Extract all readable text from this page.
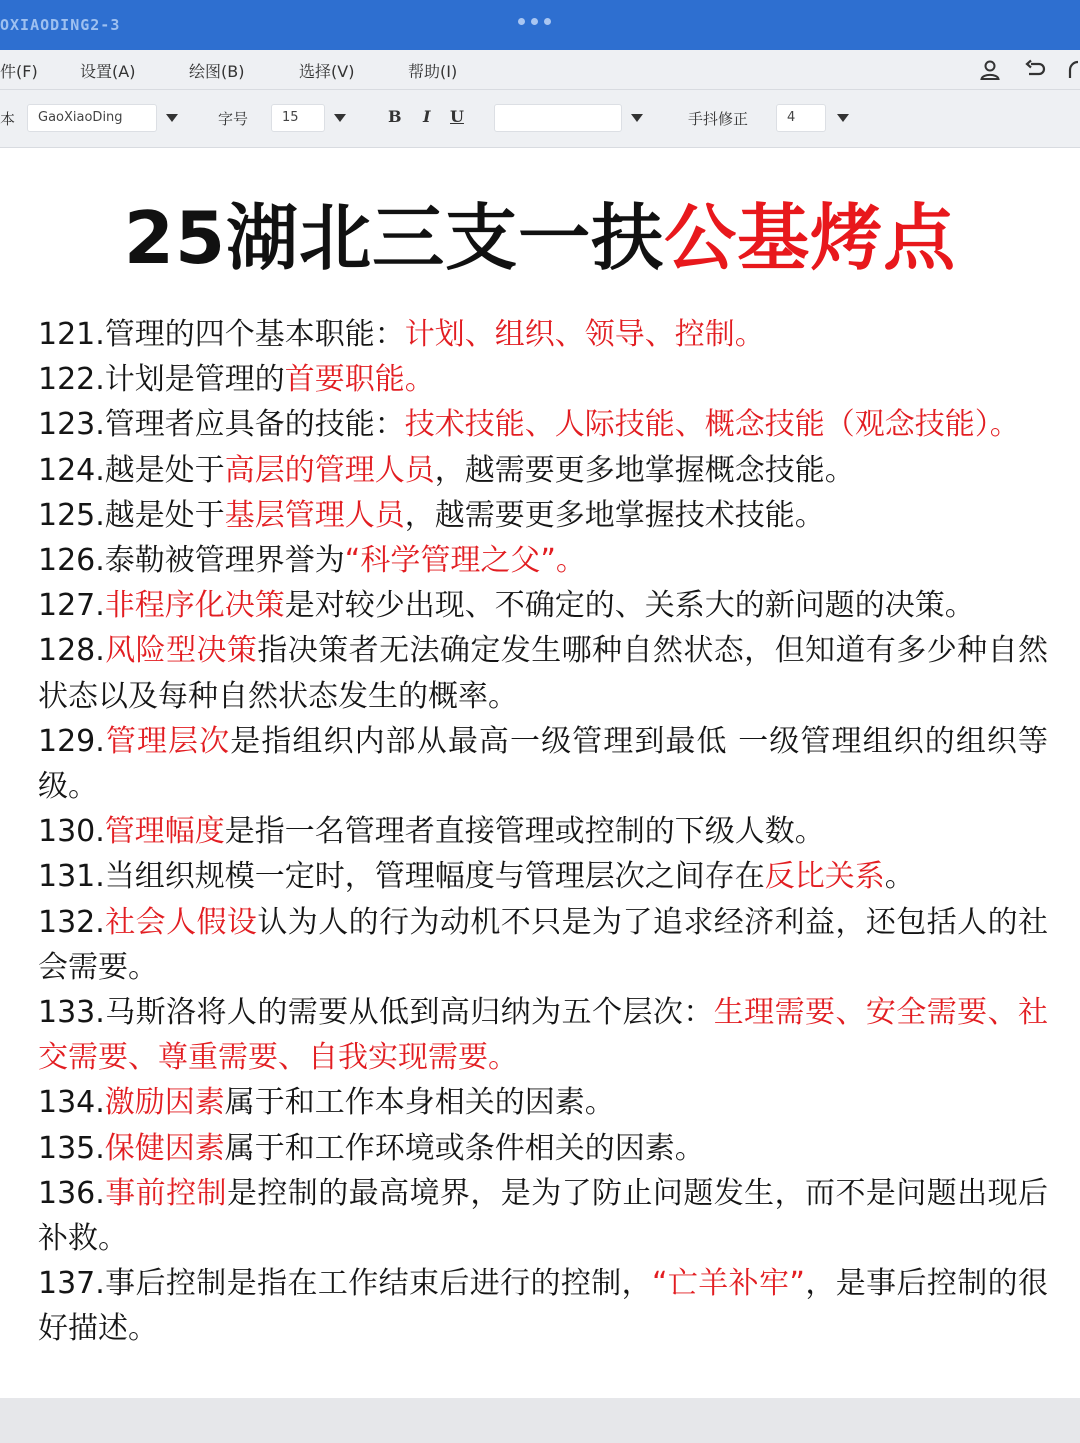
OXIAODING2-3
件(F)	设置(A)	绘图(B)	选择(V)	帮助(I)
本	GaoXiaoDing	字号	15	B I U	手抖修正	4
25湖北三支一扶公基烤点

121.管理的四个基本职能：计划、组织、领导、控制。

122.计划是管理的首要职能。

123.管理者应具备的技能：技术技能、人际技能、概念技能（观念技能）。

124.越是处于高层的管理人员，越需要更多地掌握概念技能。

125.越是处于基层管理人员，越需要更多地掌握技术技能。

126.泰勒被管理界誉为“科学管理之父”。

127.非程序化决策是对较少出现、不确定的、关系大的新问题的决策。

128.风险型决策指决策者无法确定发生哪种自然状态，但知道有多少种自然状态以及每种自然状态发生的概率。

129.管理层次是指组织内部从最高一级管理到最低 一级管理组织的组织等级。

130.管理幅度是指一名管理者直接管理或控制的下级人数。

131.当组织规模一定时，管理幅度与管理层次之间存在反比关系。

132.社会人假设认为人的行为动机不只是为了追求经济利益，还包括人的社会需要。

133.马斯洛将人的需要从低到高归纳为五个层次：生理需要、安全需要、社交需要、尊重需要、自我实现需要。

134.激励因素属于和工作本身相关的因素。

135.保健因素属于和工作环境或条件相关的因素。

136.事前控制是控制的最高境界，是为了防止问题发生，而不是问题出现后补救。

137.事后控制是指在工作结束后进行的控制，“亡羊补牢”，是事后控制的很好描述。
